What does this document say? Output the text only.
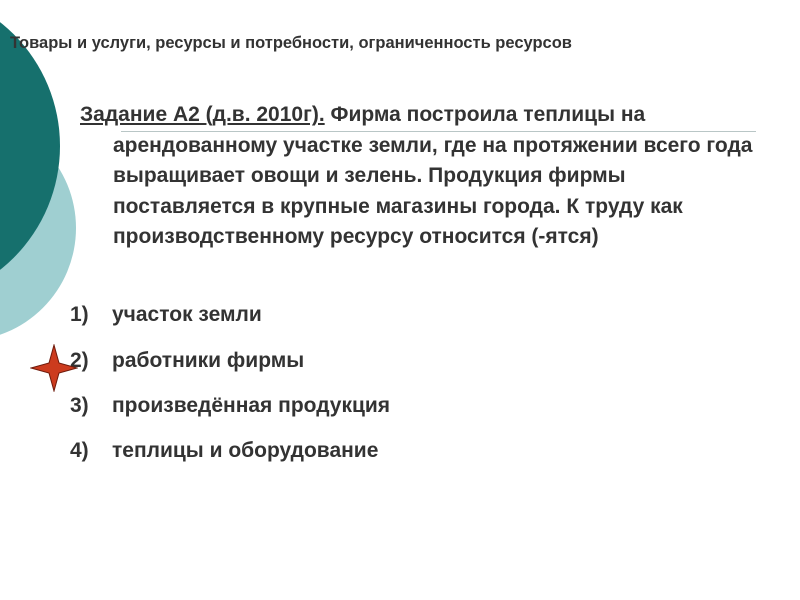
Товары и услуги, ресурсы и потребности, ограниченность ресурсов

Задание А2 (д.в. 2010г). Фирма построила теплицы на арендованному участке земли, где на протяжении всего года выращивает овощи и зелень. Продукция фирмы поставляется в крупные магазины города. К труду как производственному ресурсу относится (-ятся)

1) участок земли
2) работники фирмы
3) произведённая продукция
4) теплицы и оборудование
